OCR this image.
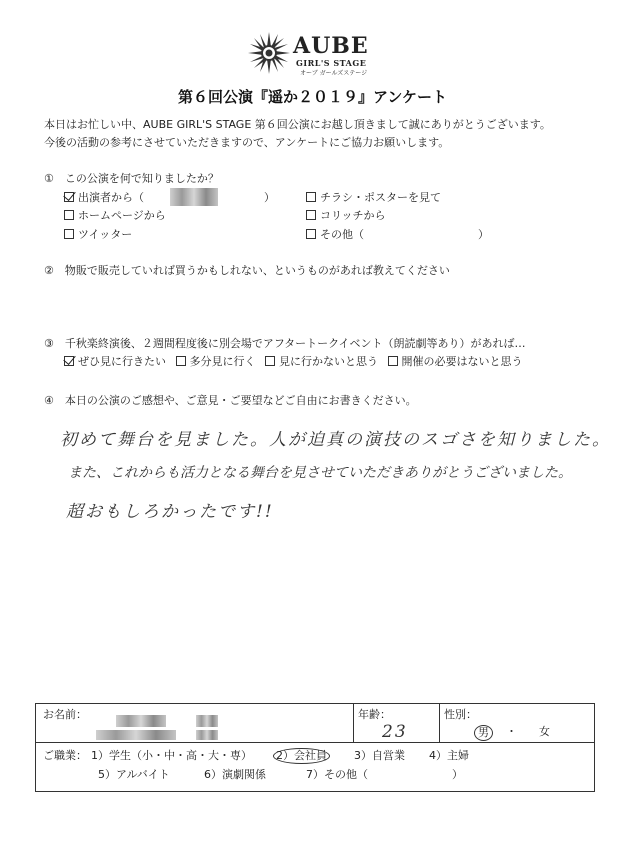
AUBE
GIRL'S STAGE
オーブ ガールズステージ
第６回公演『遥か２０１９』アンケート
本日はお忙しい中、AUBE GIRL'S STAGE 第６回公演にお越し頂きまして誠にありがとうございます。
今後の活動の参考にさせていただきますので、アンケートにご協力お願いします。
①　この公演を何で知りましたか？
出演者から（	）	チラシ・ポスターを見て
ホームページから	コリッチから
ツイッター	その他（	）
②　物販で販売していれば買うかもしれない、というものがあれば教えてください
③　千秋楽終演後、２週間程度後に別会場でアフタートークイベント（朗読劇等あり）があれば…
ぜひ見に行きたい 多分見に行く 見に行かないと思う 開催の必要はないと思う
④　本日の公演のご感想や、ご意見・ご要望などご自由にお書きください。
初めて舞台を見ました。人が迫真の演技のスゴさを知りました。
また、これからも活力となる舞台を見させていただきありがとうございました。
超おもしろかったです!!
お名前：	年齢：
23
性別：
男	・ 女
ご職業： 1）学生（小・中・高・大・専） 2）会社員 3）自営業 4）主婦
5）アルバイト	6）演劇関係	7）その他（	）
